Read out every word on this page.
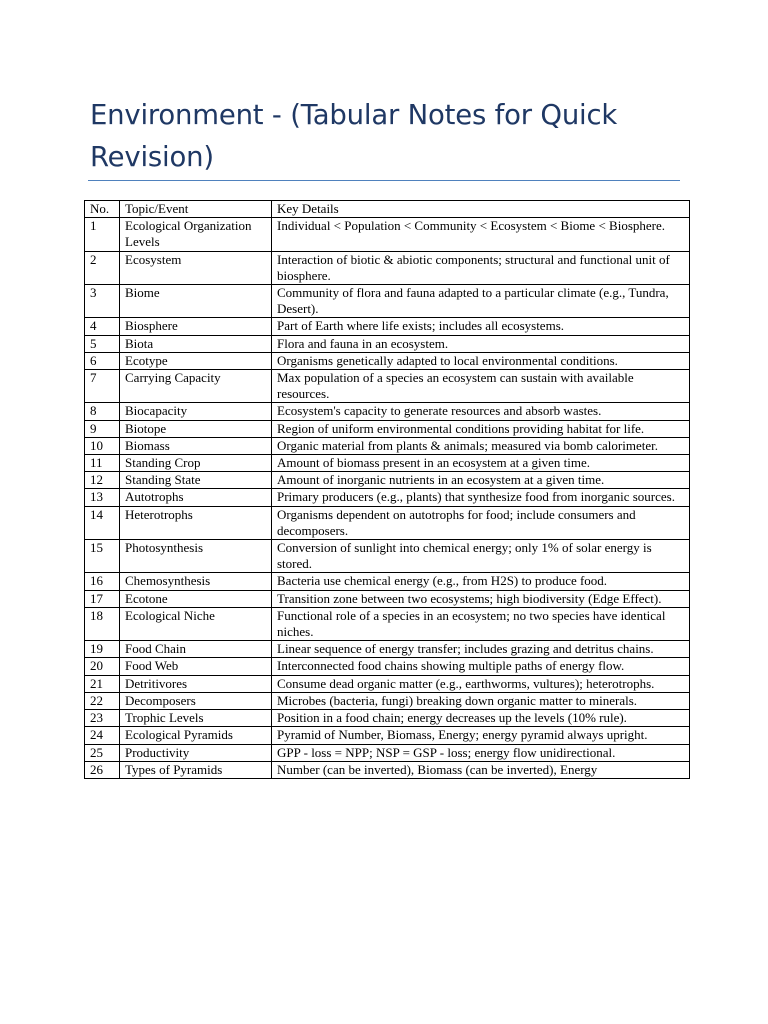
Environment - (Tabular Notes for Quick Revision)
No.	Topic/Event	Key Details
1	Ecological Organization Levels	Individual < Population < Community < Ecosystem < Biome < Biosphere.
2	Ecosystem	Interaction of biotic & abiotic components; structural and functional unit of biosphere.
3	Biome	Community of flora and fauna adapted to a particular climate (e.g., Tundra, Desert).
4	Biosphere	Part of Earth where life exists; includes all ecosystems.
5	Biota	Flora and fauna in an ecosystem.
6	Ecotype	Organisms genetically adapted to local environmental conditions.
7	Carrying Capacity	Max population of a species an ecosystem can sustain with available resources.
8	Biocapacity	Ecosystem's capacity to generate resources and absorb wastes.
9	Biotope	Region of uniform environmental conditions providing habitat for life.
10	Biomass	Organic material from plants & animals; measured via bomb calorimeter.
11	Standing Crop	Amount of biomass present in an ecosystem at a given time.
12	Standing State	Amount of inorganic nutrients in an ecosystem at a given time.
13	Autotrophs	Primary producers (e.g., plants) that synthesize food from inorganic sources.
14	Heterotrophs	Organisms dependent on autotrophs for food; include consumers and decomposers.
15	Photosynthesis	Conversion of sunlight into chemical energy; only 1% of solar energy is stored.
16	Chemosynthesis	Bacteria use chemical energy (e.g., from H2S) to produce food.
17	Ecotone	Transition zone between two ecosystems; high biodiversity (Edge Effect).
18	Ecological Niche	Functional role of a species in an ecosystem; no two species have identical niches.
19	Food Chain	Linear sequence of energy transfer; includes grazing and detritus chains.
20	Food Web	Interconnected food chains showing multiple paths of energy flow.
21	Detritivores	Consume dead organic matter (e.g., earthworms, vultures); heterotrophs.
22	Decomposers	Microbes (bacteria, fungi) breaking down organic matter to minerals.
23	Trophic Levels	Position in a food chain; energy decreases up the levels (10% rule).
24	Ecological Pyramids	Pyramid of Number, Biomass, Energy; energy pyramid always upright.
25	Productivity	GPP - loss = NPP; NSP = GSP - loss; energy flow unidirectional.
26	Types of Pyramids	Number (can be inverted), Biomass (can be inverted), Energy
